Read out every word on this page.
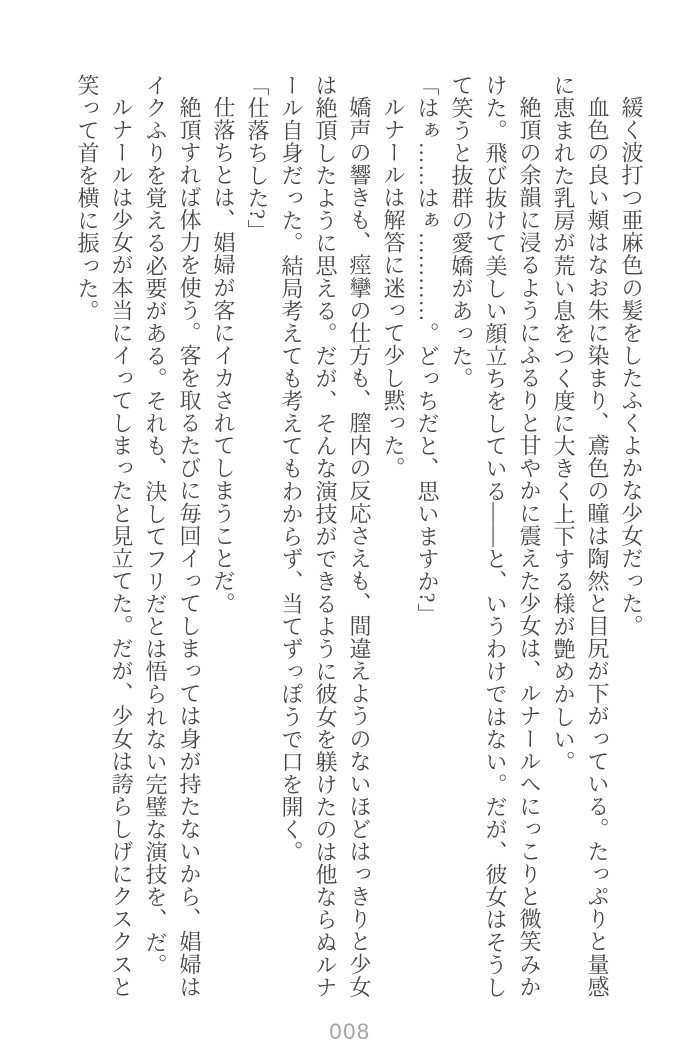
緩く波打つ亜麻色の髪をしたふくよかな少女だった。

血色の良い頬はなお朱に染まり、鳶色の瞳は陶然と目尻が下がっている。たっぷりと量感に恵まれた乳房が荒い息をつく度に大きく上下する様が艶めかしい。

絶頂の余韻に浸るようにふるりと甘やかに震えた少女は、ルナールへにっこりと微笑みかけた。飛び抜けて美しい顔立ちをしている――と、いうわけではない。だが、彼女はそうして笑うと抜群の愛嬌があった。

「はぁ……はぁ…………。どっちだと、思いますか?」

ルナールは解答に迷って少し黙った。

嬌声の響きも、痙攣の仕方も、膣内の反応さえも、間違えようのないほどはっきりと少女は絶頂したように思える。だが、そんな演技ができるように彼女を躾けたのは他ならぬルナール自身だった。結局考えても考えてもわからず、当てずっぽうで口を開く。

「仕落ちした?」

仕落ちとは、娼婦が客にイカされてしまうことだ。

絶頂すれば体力を使う。客を取るたびに毎回イってしまっては身が持たないから、娼婦はイクふりを覚える必要がある。それも、決してフリだとは悟られない完璧な演技を、だ。

ルナールは少女が本当にイってしまったと見立てた。だが、少女は誇らしげにクスクスと笑って首を横に振った。

008
